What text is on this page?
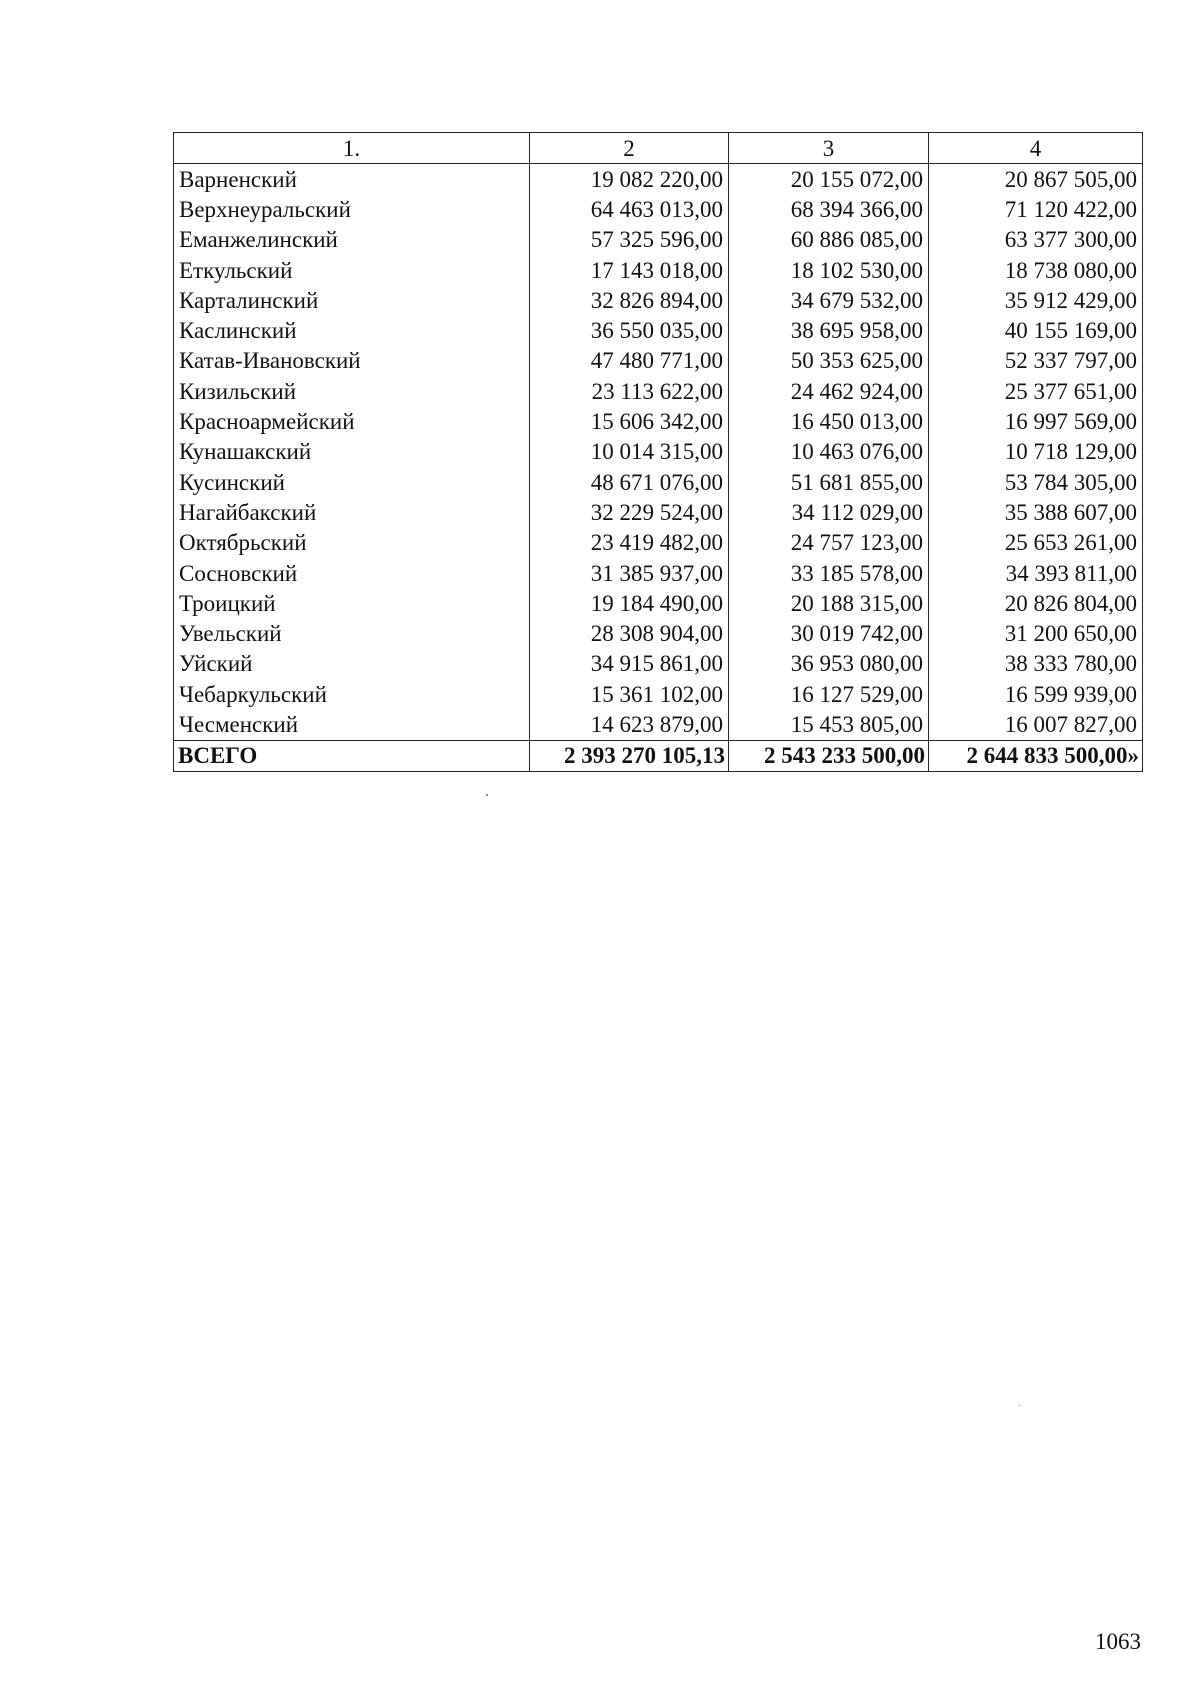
1.	2	3	4
Варненский	19 082 220,00	20 155 072,00	20 867 505,00
Верхнеуральский	64 463 013,00	68 394 366,00	71 120 422,00
Еманжелинский	57 325 596,00	60 886 085,00	63 377 300,00
Еткульский	17 143 018,00	18 102 530,00	18 738 080,00
Карталинский	32 826 894,00	34 679 532,00	35 912 429,00
Каслинский	36 550 035,00	38 695 958,00	40 155 169,00
Катав-Ивановский	47 480 771,00	50 353 625,00	52 337 797,00
Кизильский	23 113 622,00	24 462 924,00	25 377 651,00
Красноармейский	15 606 342,00	16 450 013,00	16 997 569,00
Кунашакский	10 014 315,00	10 463 076,00	10 718 129,00
Кусинский	48 671 076,00	51 681 855,00	53 784 305,00
Нагайбакский	32 229 524,00	34 112 029,00	35 388 607,00
Октябрьский	23 419 482,00	24 757 123,00	25 653 261,00
Сосновский	31 385 937,00	33 185 578,00	34 393 811,00
Троицкий	19 184 490,00	20 188 315,00	20 826 804,00
Увельский	28 308 904,00	30 019 742,00	31 200 650,00
Уйский	34 915 861,00	36 953 080,00	38 333 780,00
Чебаркульский	15 361 102,00	16 127 529,00	16 599 939,00
Чесменский	14 623 879,00	15 453 805,00	16 007 827,00
ВСЕГО	2 393 270 105,13	2 543 233 500,00	2 644 833 500,00»
1063
